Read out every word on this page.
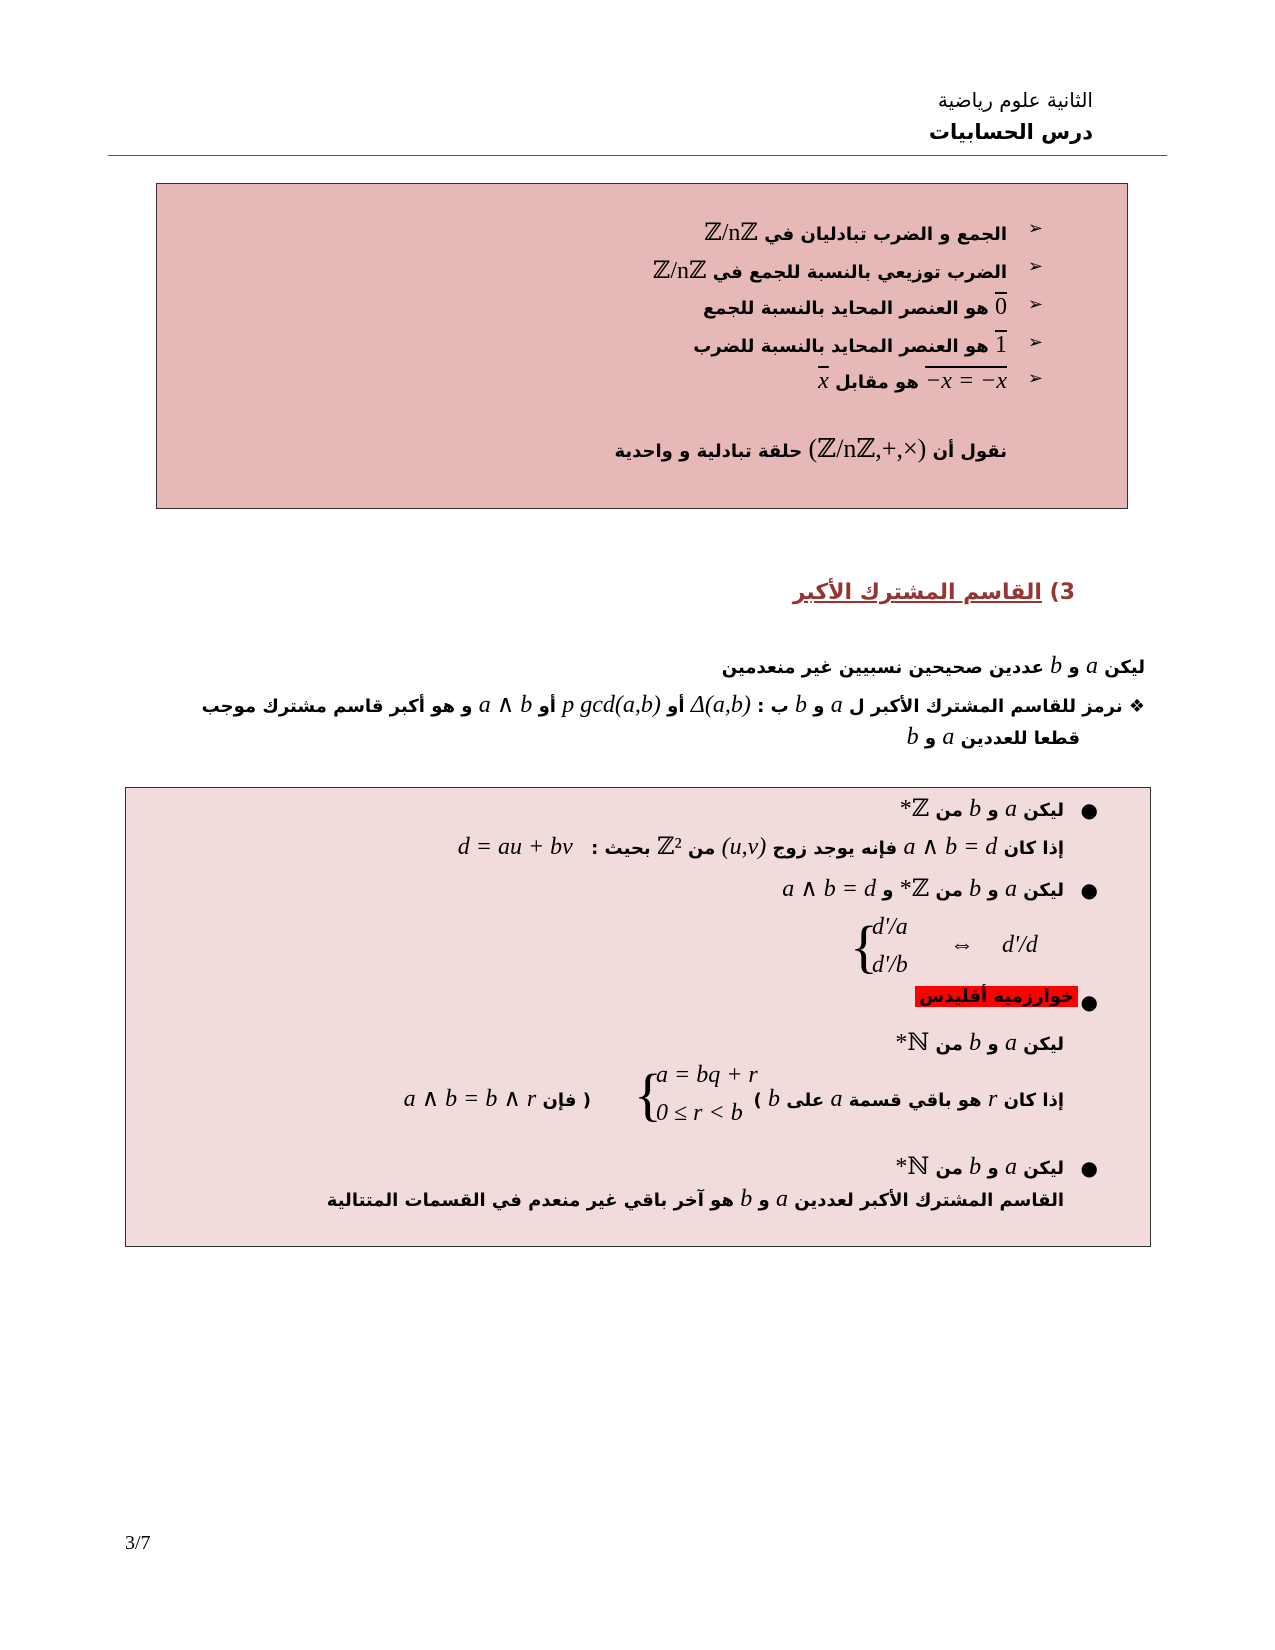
الثانية علوم رياضية
درس الحسابيات
➢
الجمع و الضرب تبادليان في ℤ/nℤ
➢
الضرب توزيعي بالنسبة للجمع في ℤ/nℤ
➢
0 هو العنصر المحايد بالنسبة للجمع
➢
1 هو العنصر المحايد بالنسبة للضرب
➢
−x = −x هو مقابل x
نقول أن (ℤ/nℤ,+,×) حلقة تبادلية و واحدية
3) القاسم المشترك الأكبر
ليكن a و b عددين صحيحين نسبيين غير منعدمين
❖ نرمز للقاسم المشترك الأكبر ل a و b ب : Δ(a,b) أو p gcd(a,b) أو a ∧ b و هو أكبر قاسم مشترك موجب
قطعا للعددين a و b
●
ليكن a و b من ℤ*
إذا كان a ∧ b = d فإنه يوجد زوج (u,v) من ℤ² بحيث : d = au + bv
●
ليكن a و b من ℤ* و a ∧ b = d
{
d'/a
d'/b
⇔ d'/d
●
خوارزمية أقليدس
ليكن a و b من ℕ*
إذا كان r هو باقي قسمة a على b )  ( فإن a ∧ b = b ∧ r	{
a = bq + r
0 ≤ r < b
●
ليكن a و b من ℕ*
القاسم المشترك الأكبر لعددين a و b هو آخر باقي غير منعدم في القسمات المتتالية
3/7
